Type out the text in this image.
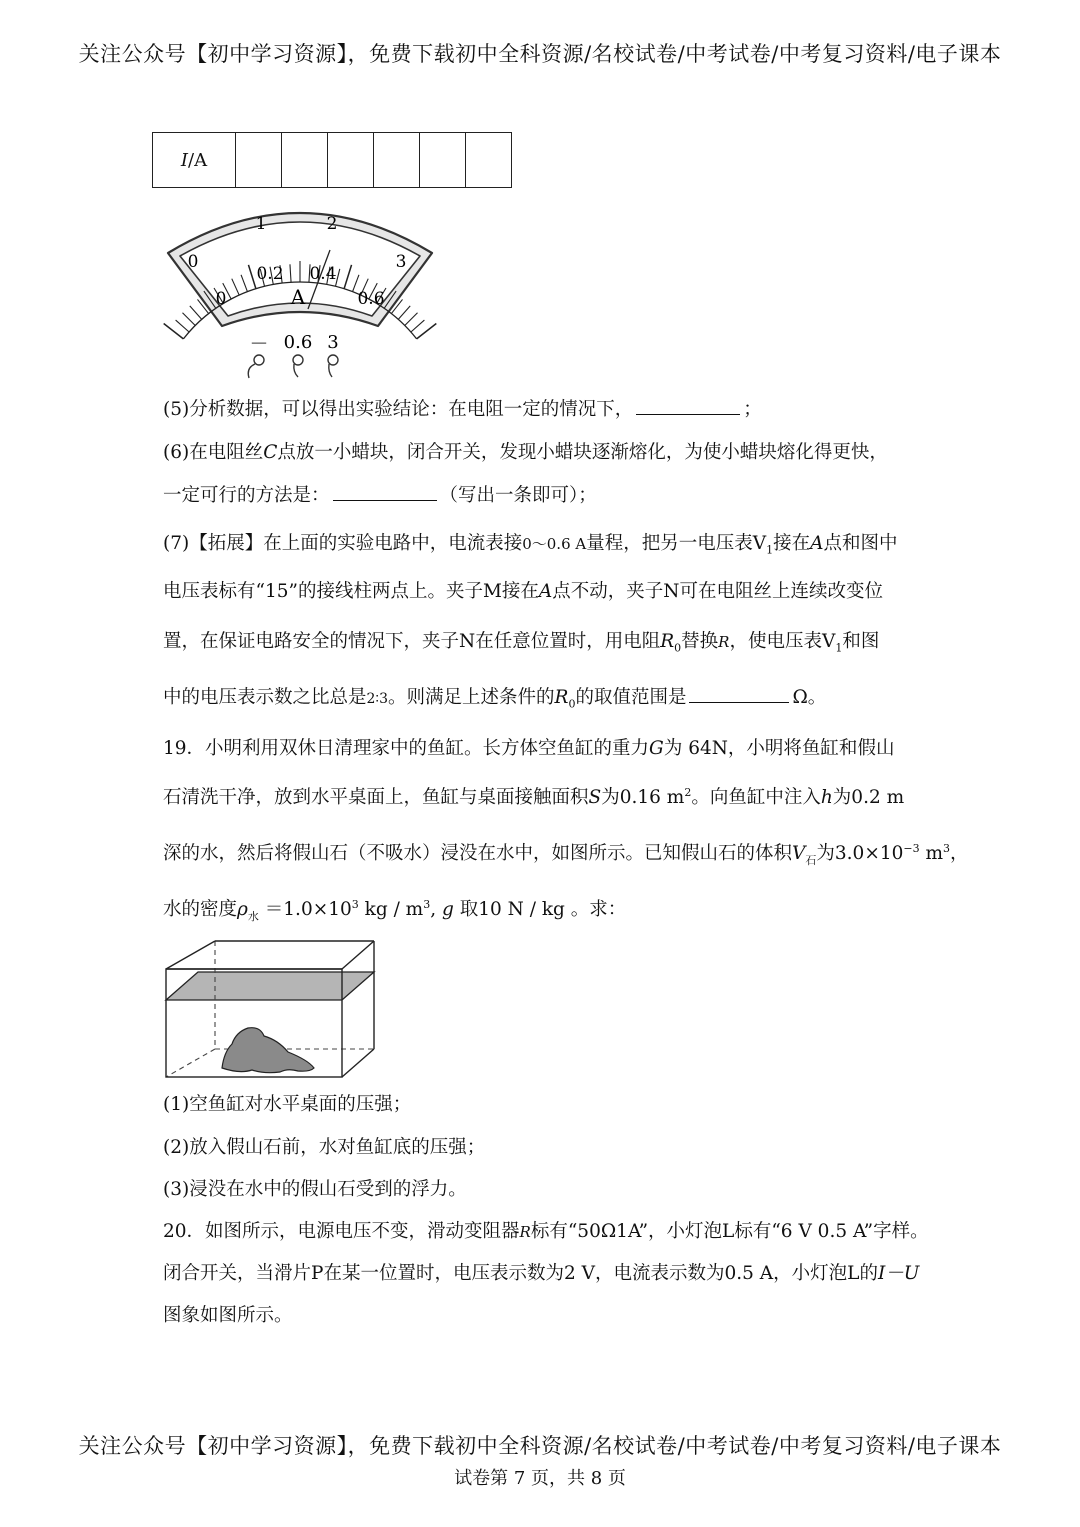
关注公众号【初中学习资源】，免费下载初中全科资源/名校试卷/中考试卷/中考复习资料/电子课本
I/A						
0
1	2
3
0
0.2 0.4
0.6
A
－ 0.6 3
(5)分析数据，可以得出实验结论：在电阻一定的情况下，	；
(6)在电阻丝C点放一小蜡块，闭合开关，发现小蜡块逐渐熔化，为使小蜡块熔化得更快，
一定可行的方法是：	（写出一条即可）；
(7)【拓展】在上面的实验电路中，电流表接0～0.6 A量程，把另一电压表$V_1$接在A点和图中
电压表标有“15”的接线柱两点上。夹子M接在A点不动，夹子N可在电阻丝上连续改变位
置，在保证电路安全的情况下，夹子N在任意位置时，用电阻$R_0$替换R，使电压表$V_1$和图
中的电压表示数之比总是2∶3。则满足上述条件的$R_0$的取值范围是	Ω。
19．小明利用双休日清理家中的鱼缸。长方体空鱼缸的重力G为 64N，小明将鱼缸和假山
石清洗干净，放到水平桌面上，鱼缸与桌面接触面积S为0.16 $m^2$。向鱼缸中注入h为0.2 m
深的水，然后将假山石（不吸水）浸没在水中，如图所示。已知假山石的体积$V_石$为$3.0\times 10^{-3}$ $m^3$，
水的密度$\rho_水 =1.0\times 10^3$ kg / $m^3$, g 取10 N / kg 。求：
(1)空鱼缸对水平桌面的压强；
(2)放入假山石前，水对鱼缸底的压强；
(3)浸没在水中的假山石受到的浮力。
20．如图所示，电源电压不变，滑动变阻器R标有“50Ω1A”，小灯泡L标有“6 V 0.5 A”字样。
闭合开关，当滑片P在某一位置时，电压表示数为2 V，电流表示数为0.5 A，小灯泡L的I－U
图象如图所示。
关注公众号【初中学习资源】，免费下载初中全科资源/名校试卷/中考试卷/中考复习资料/电子课本
试卷第 7 页，共 8 页
